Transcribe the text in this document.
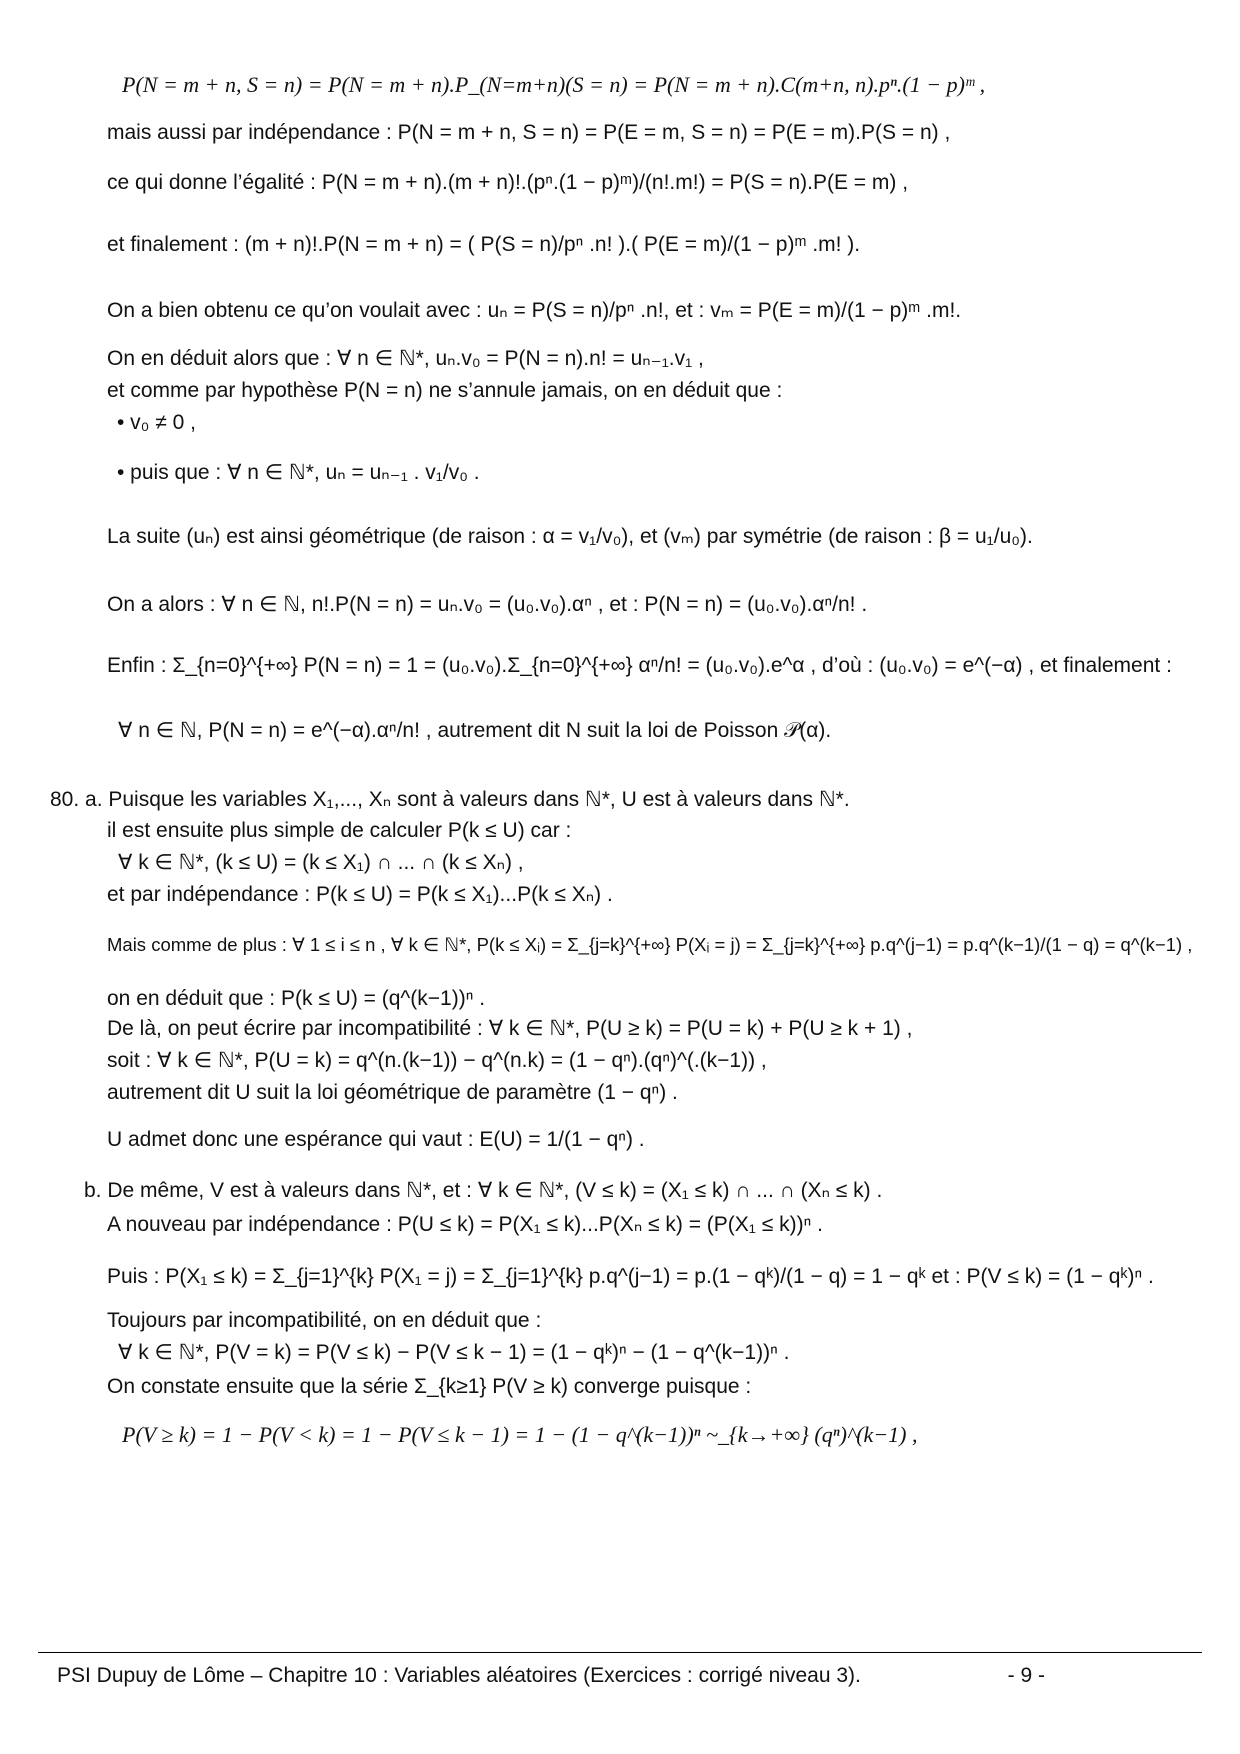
P(N = m + n, S = n) = P(N = m + n).P_(N=m+n)(S = n) = P(N = m + n).C(m+n, n).pⁿ.(1 − p)ᵐ ,
mais aussi par indépendance : P(N = m + n, S = n) = P(E = m, S = n) = P(E = m).P(S = n) ,
ce qui donne l’égalité : P(N = m + n).(m + n)!.(pⁿ.(1 − p)ᵐ)/(n!.m!) = P(S = n).P(E = m) ,
et finalement : (m + n)!.P(N = m + n) = ( P(S = n)/pⁿ .n! ).( P(E = m)/(1 − p)ᵐ .m! ).
On a bien obtenu ce qu’on voulait avec : uₙ = P(S = n)/pⁿ .n!, et : vₘ = P(E = m)/(1 − p)ᵐ .m!.
On en déduit alors que : ∀ n ∈ ℕ*, uₙ.v₀ = P(N = n).n! = uₙ₋₁.v₁ ,
et comme par hypothèse P(N = n) ne s’annule jamais, on en déduit que :
• v₀ ≠ 0 ,
• puis que : ∀ n ∈ ℕ*, uₙ = uₙ₋₁ . v₁/v₀ .
La suite (uₙ) est ainsi géométrique (de raison : α = v₁/v₀), et (vₘ) par symétrie (de raison : β = u₁/u₀).
On a alors : ∀ n ∈ ℕ, n!.P(N = n) = uₙ.v₀ = (u₀.v₀).αⁿ , et : P(N = n) = (u₀.v₀).αⁿ/n! .
Enfin : Σ_{n=0}^{+∞} P(N = n) = 1 = (u₀.v₀).Σ_{n=0}^{+∞} αⁿ/n! = (u₀.v₀).e^α , d’où : (u₀.v₀) = e^(−α) , et finalement :
∀ n ∈ ℕ, P(N = n) = e^(−α).αⁿ/n! , autrement dit N suit la loi de Poisson 𝒫(α).
80. a. Puisque les variables X₁,..., Xₙ sont à valeurs dans ℕ*, U est à valeurs dans ℕ*.
il est ensuite plus simple de calculer P(k ≤ U) car :
∀ k ∈ ℕ*, (k ≤ U) = (k ≤ X₁) ∩ ... ∩ (k ≤ Xₙ) ,
et par indépendance : P(k ≤ U) = P(k ≤ X₁)...P(k ≤ Xₙ) .
Mais comme de plus : ∀ 1 ≤ i ≤ n , ∀ k ∈ ℕ*, P(k ≤ Xᵢ) = Σ_{j=k}^{+∞} P(Xᵢ = j) = Σ_{j=k}^{+∞} p.q^(j−1) = p.q^(k−1)/(1 − q) = q^(k−1) ,
on en déduit que : P(k ≤ U) = (q^(k−1))ⁿ .
De là, on peut écrire par incompatibilité : ∀ k ∈ ℕ*, P(U ≥ k) = P(U = k) + P(U ≥ k + 1) ,
soit : ∀ k ∈ ℕ*, P(U = k) = q^(n.(k−1)) − q^(n.k) = (1 − qⁿ).(qⁿ)^(.(k−1)) ,
autrement dit U suit la loi géométrique de paramètre (1 − qⁿ) .
U admet donc une espérance qui vaut : E(U) = 1/(1 − qⁿ) .
b. De même, V est à valeurs dans ℕ*, et : ∀ k ∈ ℕ*, (V ≤ k) = (X₁ ≤ k) ∩ ... ∩ (Xₙ ≤ k) .
A nouveau par indépendance : P(U ≤ k) = P(X₁ ≤ k)...P(Xₙ ≤ k) = (P(X₁ ≤ k))ⁿ .
Puis : P(X₁ ≤ k) = Σ_{j=1}^{k} P(X₁ = j) = Σ_{j=1}^{k} p.q^(j−1) = p.(1 − qᵏ)/(1 − q) = 1 − qᵏ et : P(V ≤ k) = (1 − qᵏ)ⁿ .
Toujours par incompatibilité, on en déduit que :
∀ k ∈ ℕ*, P(V = k) = P(V ≤ k) − P(V ≤ k − 1) = (1 − qᵏ)ⁿ − (1 − q^(k−1))ⁿ .
On constate ensuite que la série Σ_{k≥1} P(V ≥ k) converge puisque :
P(V ≥ k) = 1 − P(V < k) = 1 − P(V ≤ k − 1) = 1 − (1 − q^(k−1))ⁿ ~_{k→+∞} (qⁿ)^(k−1) ,
PSI Dupuy de Lôme – Chapitre 10 : Variables aléatoires (Exercices : corrigé niveau 3).	- 9 -
